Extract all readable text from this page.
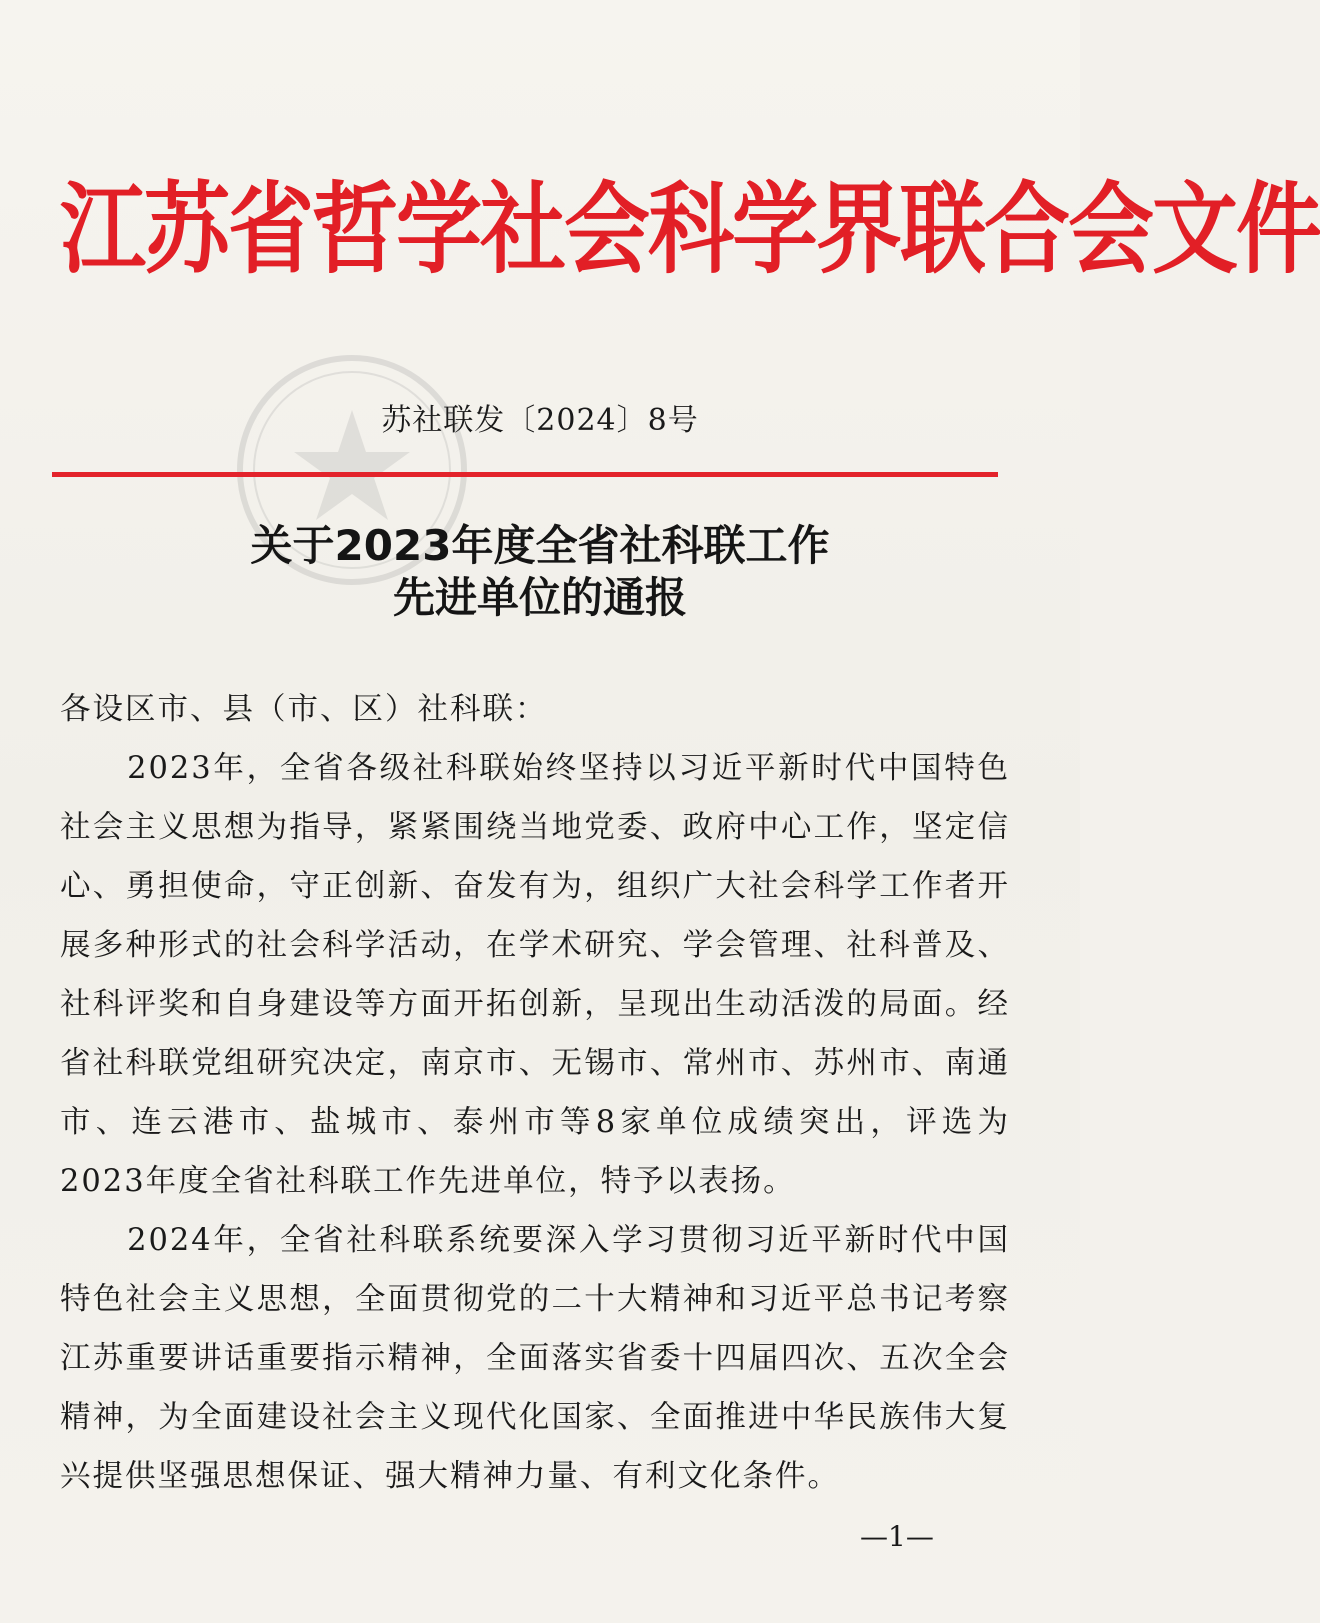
江苏省哲学社会科学界联合会文件
苏社联发〔2024〕8号
关于2023年度全省社科联工作
先进单位的通报

各设区市、县（市、区）社科联：

2023年，全省各级社科联始终坚持以习近平新时代中国特色社会主义思想为指导，紧紧围绕当地党委、政府中心工作，坚定信心、勇担使命，守正创新、奋发有为，组织广大社会科学工作者开展多种形式的社会科学活动，在学术研究、学会管理、社科普及、社科评奖和自身建设等方面开拓创新，呈现出生动活泼的局面。经省社科联党组研究决定，南京市、无锡市、常州市、苏州市、南通市、连云港市、盐城市、泰州市等8家单位成绩突出，评选为2023年度全省社科联工作先进单位，特予以表扬。

2024年，全省社科联系统要深入学习贯彻习近平新时代中国特色社会主义思想，全面贯彻党的二十大精神和习近平总书记考察江苏重要讲话重要指示精神，全面落实省委十四届四次、五次全会精神，为全面建设社会主义现代化国家、全面推进中华民族伟大复兴提供坚强思想保证、强大精神力量、有利文化条件。

—1—
